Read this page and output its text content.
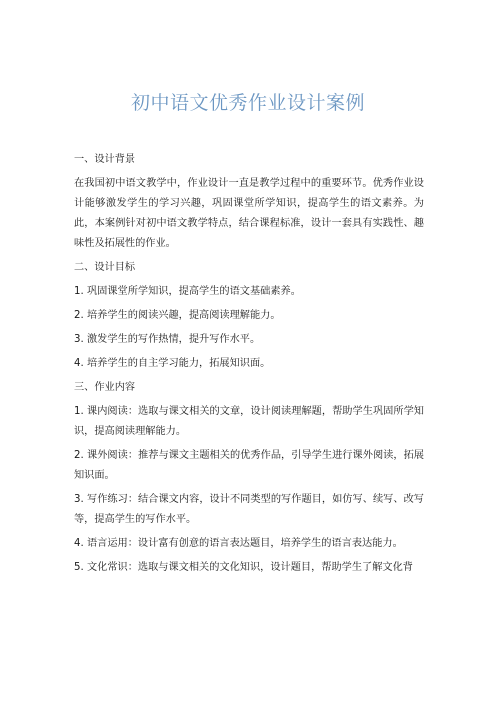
初中语文优秀作业设计案例

一、设计背景

在我国初中语文教学中，作业设计一直是教学过程中的重要环节。优秀作业设计能够激发学生的学习兴趣，巩固课堂所学知识，提高学生的语文素养。为此，本案例针对初中语文教学特点，结合课程标准，设计一套具有实践性、趣味性及拓展性的作业。

二、设计目标

1. 巩固课堂所学知识，提高学生的语文基础素养。

2. 培养学生的阅读兴趣，提高阅读理解能力。

3. 激发学生的写作热情，提升写作水平。

4. 培养学生的自主学习能力，拓展知识面。

三、作业内容

1. 课内阅读：选取与课文相关的文章，设计阅读理解题，帮助学生巩固所学知识，提高阅读理解能力。

2. 课外阅读：推荐与课文主题相关的优秀作品，引导学生进行课外阅读，拓展知识面。

3. 写作练习：结合课文内容，设计不同类型的写作题目，如仿写、续写、改写等，提高学生的写作水平。

4. 语言运用：设计富有创意的语言表达题目，培养学生的语言表达能力。

5. 文化常识：选取与课文相关的文化知识，设计题目，帮助学生了解文化背
